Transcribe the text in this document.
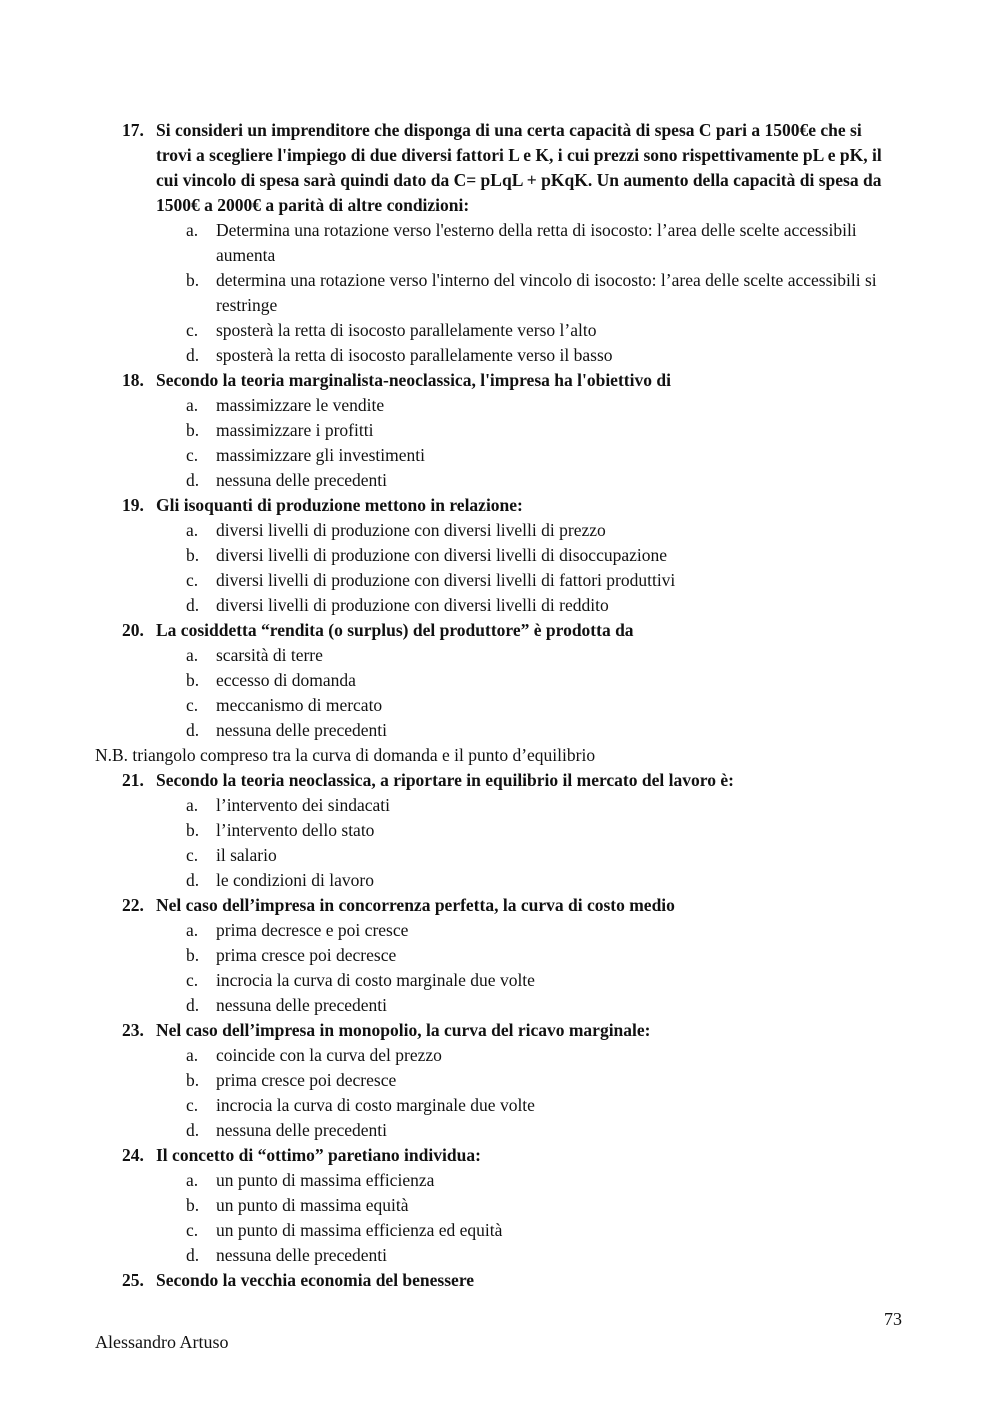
17. Si consideri un imprenditore che disponga di una certa capacità di spesa C pari a 1500€e che si trovi a scegliere l'impiego di due diversi fattori L e K, i cui prezzi sono rispettivamente pL e pK, il cui vincolo di spesa sarà quindi dato da C= pLqL + pKqK. Un aumento della capacità di spesa da 1500€ a 2000€ a parità di altre condizioni:
a. Determina una rotazione verso l'esterno della retta di isocosto: l’area delle scelte accessibili aumenta
b. determina una rotazione verso l'interno del vincolo di isocosto: l’area delle scelte accessibili si restringe
c. sposterà la retta di isocosto parallelamente verso l’alto
d. sposterà la retta di isocosto parallelamente verso il basso
18. Secondo la teoria marginalista-neoclassica, l'impresa ha l'obiettivo di
a. massimizzare le vendite
b. massimizzare i profitti
c. massimizzare gli investimenti
d. nessuna delle precedenti
19. Gli isoquanti di produzione mettono in relazione:
a. diversi livelli di produzione con diversi livelli di prezzo
b. diversi livelli di produzione con diversi livelli di disoccupazione
c. diversi livelli di produzione con diversi livelli di fattori produttivi
d. diversi livelli di produzione con diversi livelli di reddito
20. La cosiddetta “rendita (o surplus) del produttore” è prodotta da
a. scarsità di terre
b. eccesso di domanda
c. meccanismo di mercato
d. nessuna delle precedenti
N.B. triangolo compreso tra la curva di domanda e il punto d’equilibrio
21. Secondo la teoria neoclassica, a riportare in equilibrio il mercato del lavoro è:
a. l’intervento dei sindacati
b. l’intervento dello stato
c. il salario
d. le condizioni di lavoro
22. Nel caso dell’impresa in concorrenza perfetta, la curva di costo medio
a. prima decresce e poi cresce
b. prima cresce poi decresce
c. incrocia la curva di costo marginale due volte
d. nessuna delle precedenti
23. Nel caso dell’impresa in monopolio, la curva del ricavo marginale:
a. coincide con la curva del prezzo
b. prima cresce poi decresce
c. incrocia la curva di costo marginale due volte
d. nessuna delle precedenti
24. Il concetto di “ottimo” paretiano individua:
a. un punto di massima efficienza
b. un punto di massima equità
c. un punto di massima efficienza ed equità
d. nessuna delle precedenti
25. Secondo la vecchia economia del benessere
73
Alessandro Artuso
